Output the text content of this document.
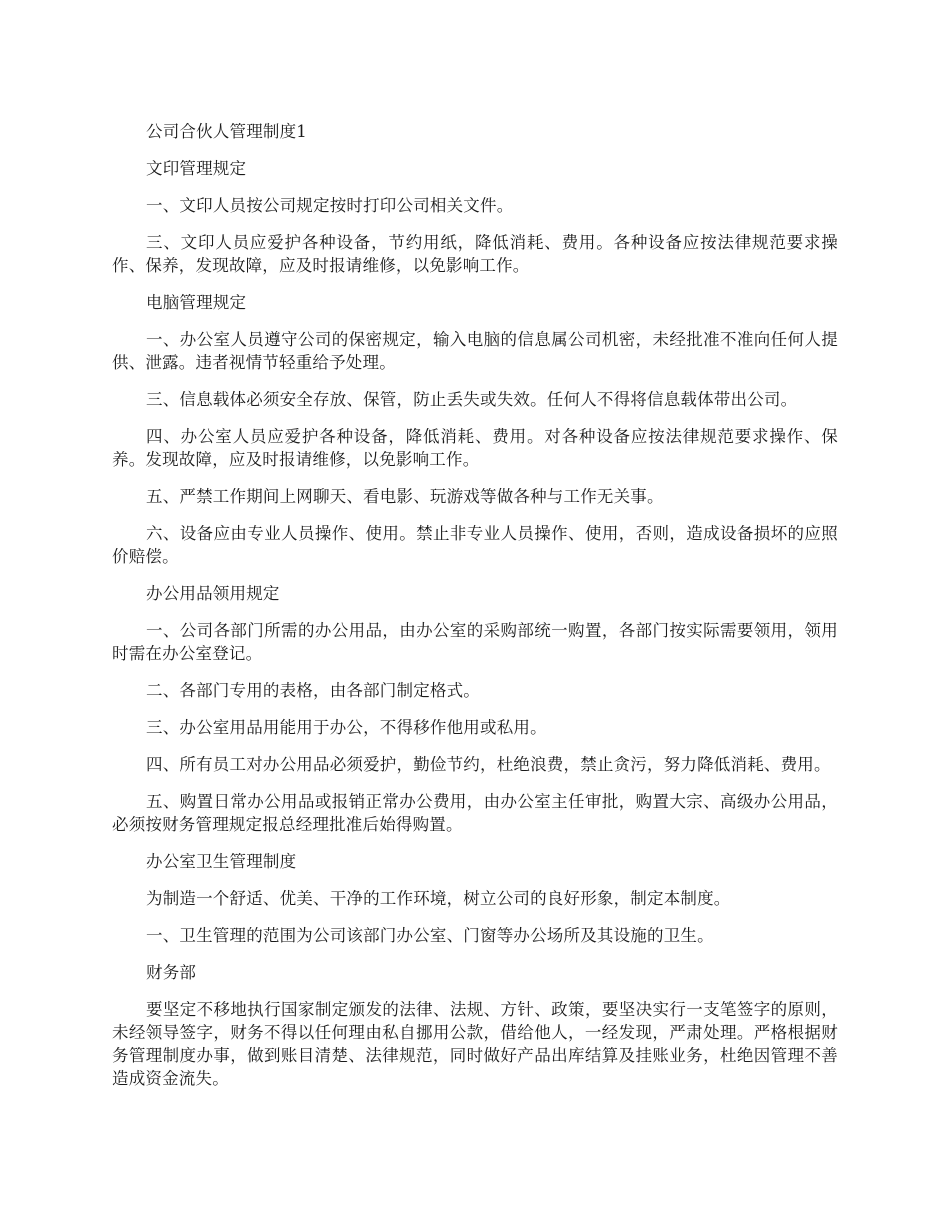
公司合伙人管理制度1

文印管理规定

一、文印人员按公司规定按时打印公司相关文件。

三、文印人员应爱护各种设备，节约用纸，降低消耗、费用。各种设备应按法律规范要求操作、保养，发现故障，应及时报请维修，以免影响工作。

电脑管理规定

一、办公室人员遵守公司的保密规定，输入电脑的信息属公司机密，未经批准不准向任何人提供、泄露。违者视情节轻重给予处理。

三、信息载体必须安全存放、保管，防止丢失或失效。任何人不得将信息载体带出公司。

四、办公室人员应爱护各种设备，降低消耗、费用。对各种设备应按法律规范要求操作、保养。发现故障，应及时报请维修，以免影响工作。

五、严禁工作期间上网聊天、看电影、玩游戏等做各种与工作无关事。

六、设备应由专业人员操作、使用。禁止非专业人员操作、使用，否则，造成设备损坏的应照价赔偿。

办公用品领用规定

一、公司各部门所需的办公用品，由办公室的采购部统一购置，各部门按实际需要领用，领用时需在办公室登记。

二、各部门专用的表格，由各部门制定格式。

三、办公室用品用能用于办公，不得移作他用或私用。

四、所有员工对办公用品必须爱护，勤俭节约，杜绝浪费，禁止贪污，努力降低消耗、费用。

五、购置日常办公用品或报销正常办公费用，由办公室主任审批，购置大宗、高级办公用品，必须按财务管理规定报总经理批准后始得购置。

办公室卫生管理制度

为制造一个舒适、优美、干净的工作环境，树立公司的良好形象，制定本制度。

一、卫生管理的范围为公司该部门办公室、门窗等办公场所及其设施的卫生。

财务部

要坚定不移地执行国家制定颁发的法律、法规、方针、政策，要坚决实行一支笔签字的原则，未经领导签字，财务不得以任何理由私自挪用公款，借给他人，一经发现，严肃处理。严格根据财务管理制度办事，做到账目清楚、法律规范，同时做好产品出库结算及挂账业务，杜绝因管理不善造成资金流失。
